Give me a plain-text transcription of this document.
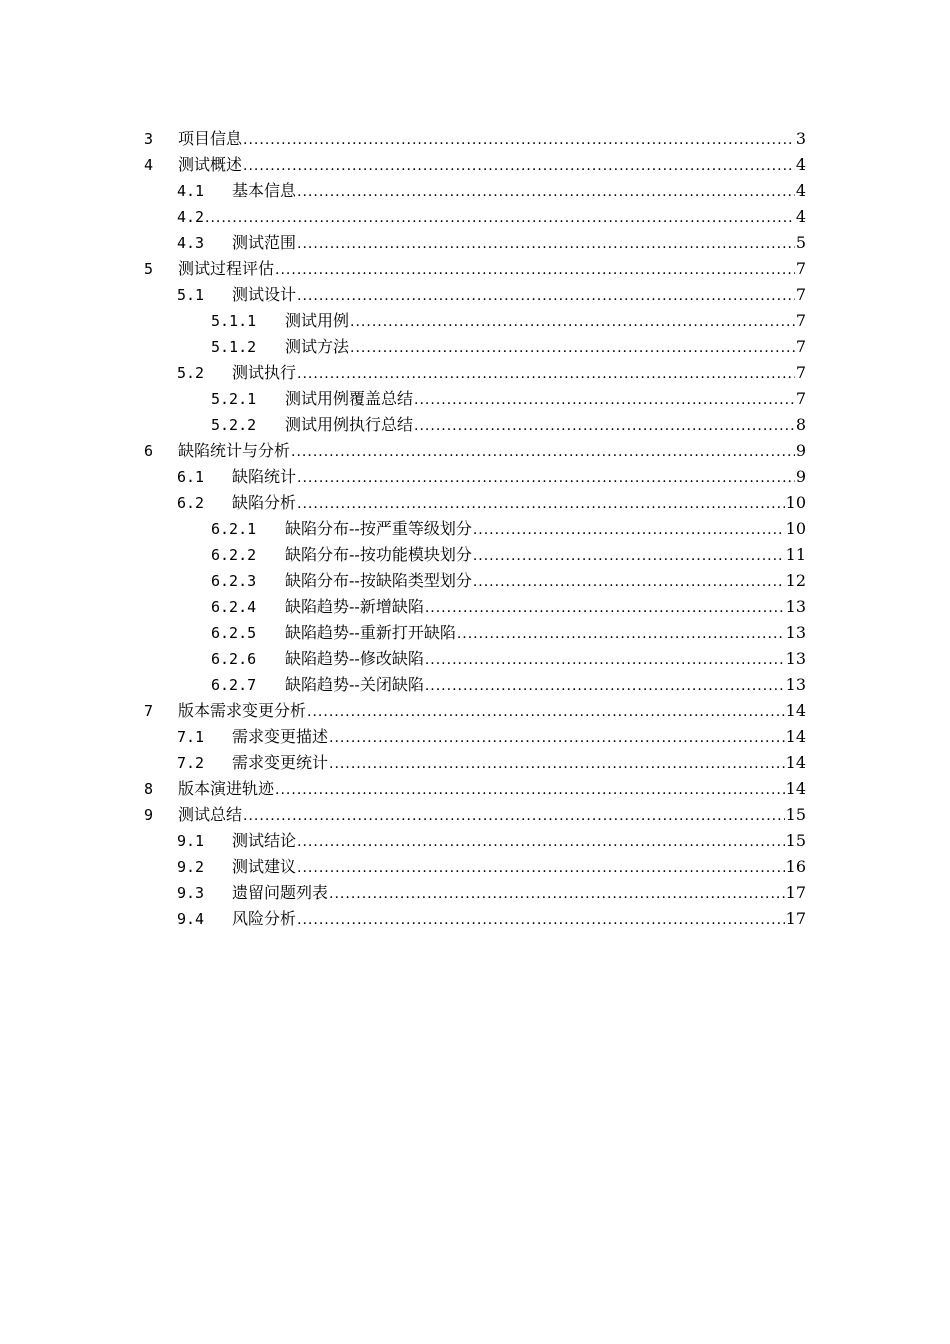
3 项目信息 .....	3
4 测试概述 .....	4
4.1 基本信息 .....	4
4.2 .....	4
4.3 测试范围 .....	5
5 测试过程评估 .....	7
5.1 测试设计 .....	7
5.1.1 测试用例 .....	7
5.1.2 测试方法 .....	7
5.2 测试执行 .....	7
5.2.1 测试用例覆盖总结 .....	7
5.2.2 测试用例执行总结 .....	8
6 缺陷统计与分析 .....	9
6.1 缺陷统计 .....	9
6.2 缺陷分析 .....	10
6.2.1 缺陷分布--按严重等级划分 .....	10
6.2.2 缺陷分布--按功能模块划分 .....	11
6.2.3 缺陷分布--按缺陷类型划分 .....	12
6.2.4 缺陷趋势--新增缺陷 .....	13
6.2.5 缺陷趋势--重新打开缺陷 .....	13
6.2.6 缺陷趋势--修改缺陷 .....	13
6.2.7 缺陷趋势--关闭缺陷 .....	13
7 版本需求变更分析 .....	14
7.1 需求变更描述 .....	14
7.2 需求变更统计 .....	14
8 版本演进轨迹 .....	14
9 测试总结 .....	15
9.1 测试结论 .....	15
9.2 测试建议 .....	16
9.3 遗留问题列表 .....	17
9.4 风险分析 .....	17
